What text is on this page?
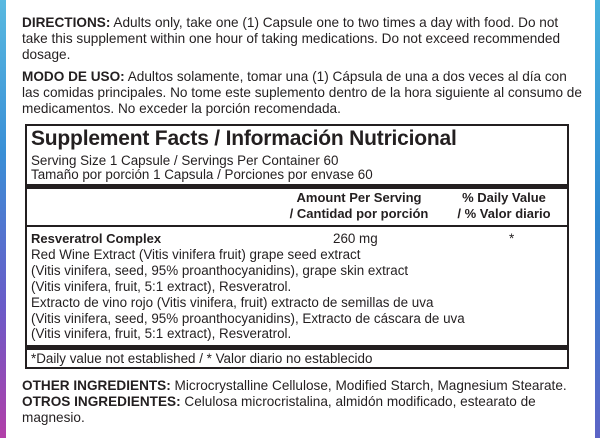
DIRECTIONS: Adults only, take one (1) Capsule one to two times a day with food. Do not take this supplement within one hour of taking medications. Do not exceed recommended dosage.

MODO DE USO: Adultos solamente, tomar una (1) Cápsula de una a dos veces al día con las comidas principales. No tome este suplemento dentro de la hora siguiente al consumo de medicamentos. No exceder la porción recomendada.

Supplement Facts / Información Nutricional
Serving Size 1 Capsule / Servings Per Container 60
Tamaño por porción 1 Capsula / Porciones por envase 60
Amount Per Serving
/ Cantidad por porción
% Daily Value
/ % Valor diario
Resveratrol Complex	260 mg	*
Red Wine Extract (Vitis vinifera fruit) grape seed extract
(Vitis vinifera, seed, 95% proanthocyanidins), grape skin extract
(Vitis vinifera, fruit, 5:1 extract), Resveratrol.
Extracto de vino rojo (Vitis vinifera, fruit) extracto de semillas de uva
(Vitis vinifera, seed, 95% proanthocyanidins), Extracto de cáscara de uva
(Vitis vinifera, fruit, 5:1 extract), Resveratrol.
*Daily value not established / * Valor diario no establecido
OTHER INGREDIENTS: Microcrystalline Cellulose, Modified Starch, Magnesium Stearate.
OTROS INGREDIENTES: Celulosa microcristalina, almidón modificado, estearato de magnesio.
